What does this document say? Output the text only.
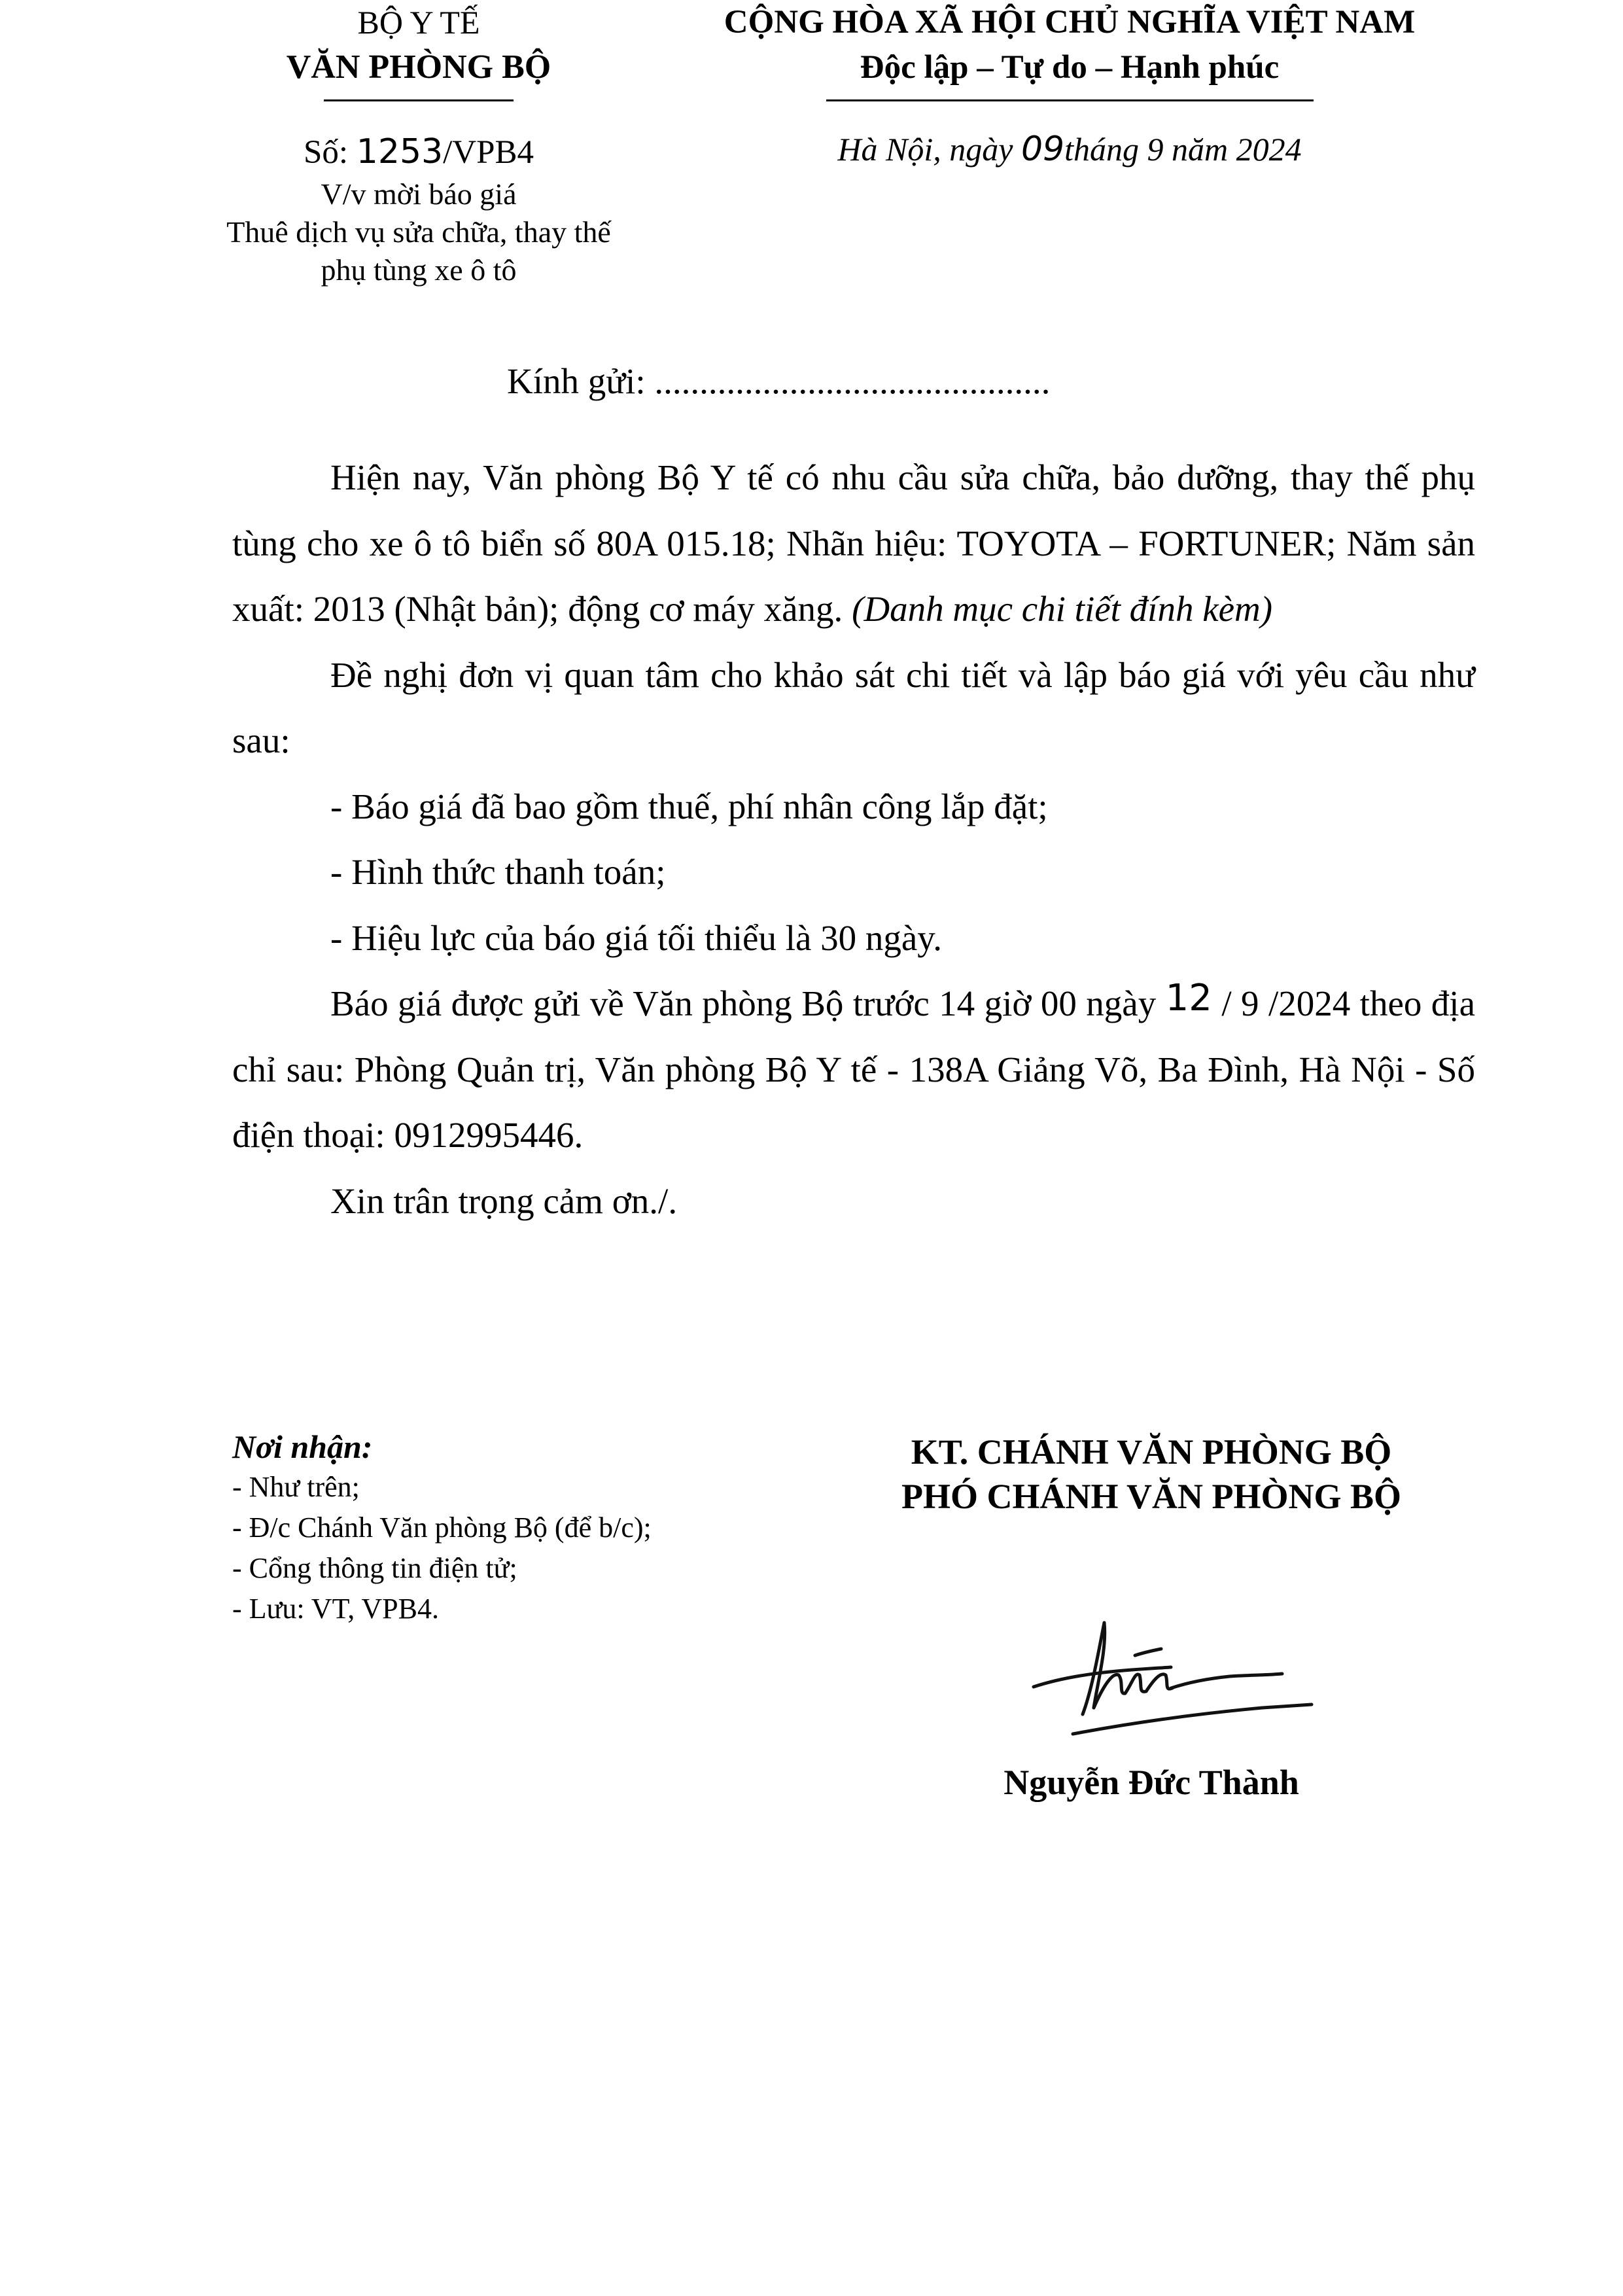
BỘ Y TẾ
VĂN PHÒNG BỘ
CỘNG HÒA XÃ HỘI CHỦ NGHĨA VIỆT NAM
Độc lập – Tự do – Hạnh phúc
Số: 1253/VPB4
V/v mời báo giá
Thuê dịch vụ sửa chữa, thay thế
phụ tùng xe ô tô
Hà Nội, ngày 09tháng 9 năm 2024
Kính gửi: ............................................

Hiện nay, Văn phòng Bộ Y tế có nhu cầu sửa chữa, bảo dưỡng, thay thế phụ tùng cho xe ô tô biển số 80A 015.18; Nhãn hiệu: TOYOTA – FORTUNER; Năm sản xuất: 2013 (Nhật bản); động cơ máy xăng. (Danh mục chi tiết đính kèm)

Đề nghị đơn vị quan tâm cho khảo sát chi tiết và lập báo giá với yêu cầu như sau:

- Báo giá đã bao gồm thuế, phí nhân công lắp đặt;

- Hình thức thanh toán;

- Hiệu lực của báo giá tối thiểu là 30 ngày.

Báo giá được gửi về Văn phòng Bộ trước 14 giờ 00 ngày 12 / 9 /2024 theo địa chỉ sau: Phòng Quản trị, Văn phòng Bộ Y tế - 138A Giảng Võ, Ba Đình, Hà Nội - Số điện thoại: 0912995446.

Xin trân trọng cảm ơn./.

Nơi nhận:
- Như trên;
- Đ/c Chánh Văn phòng Bộ (để b/c);
- Cổng thông tin điện tử;
- Lưu: VT, VPB4.
KT. CHÁNH VĂN PHÒNG BỘ
PHÓ CHÁNH VĂN PHÒNG BỘ
Nguyễn Đức Thành
